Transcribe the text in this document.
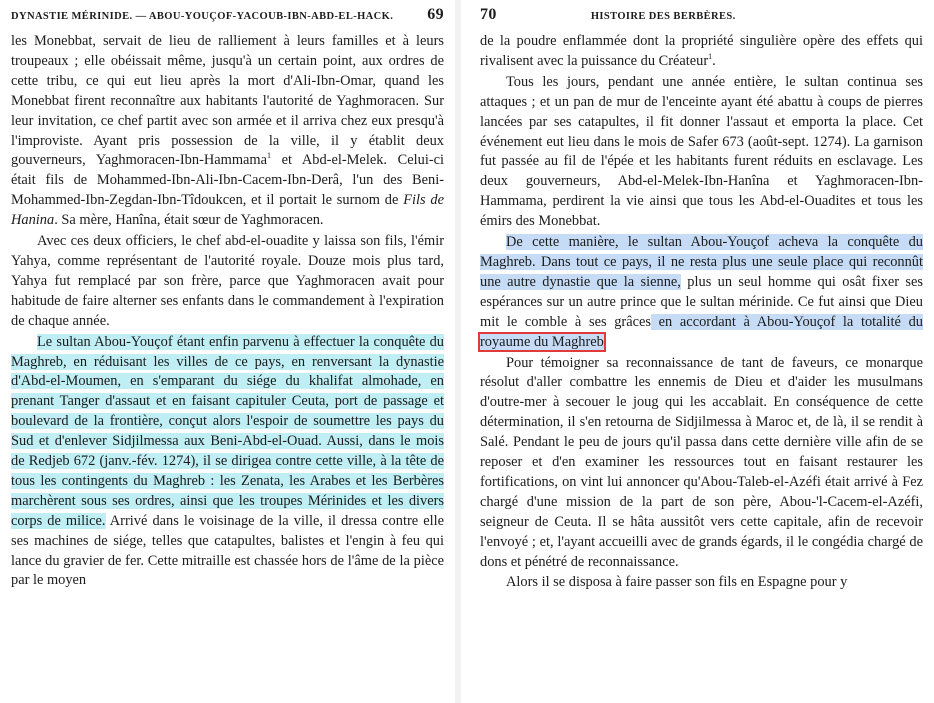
DYNASTIE MÉRINIDE. — ABOU-YOUÇOF-YACOUB-IBN-ABD-EL-HACK. 69

les Monebbat, servait de lieu de ralliement à leurs familles et à leurs troupeaux ; elle obéissait même, jusqu'à un certain point, aux ordres de cette tribu, ce qui eut lieu après la mort d'Ali-Ibn-Omar, quand les Monebbat firent reconnaître aux habitants l'autorité de Yaghmoracen. Sur leur invitation, ce chef partit avec son armée et il arriva chez eux presqu'à l'improviste. Ayant pris possession de la ville, il y établit deux gouverneurs, Yaghmoracen-Ibn-Hammama$^1$ et Abd-el-Melek. Celui-ci était fils de Mohammed-Ibn-Ali-Ibn-Cacem-Ibn-Derâ, l'un des Beni-Mohammed-Ibn-Zegdan-Ibn-Tîdoukcen, et il portait le surnom de Fils de Hanina. Sa mère, Hanîna, était sœur de Yaghmoracen.

Avec ces deux officiers, le chef abd-el-ouadite y laissa son fils, l'émir Yahya, comme représentant de l'autorité royale. Douze mois plus tard, Yahya fut remplacé par son frère, parce que Yaghmoracen avait pour habitude de faire alterner ses enfants dans le commandement à l'expiration de chaque année.

Le sultan Abou-Youçof étant enfin parvenu à effectuer la conquête du Maghreb, en réduisant les villes de ce pays, en renversant la dynastie d'Abd-el-Moumen, en s'emparant du siége du khalifat almohade, en prenant Tanger d'assaut et en faisant capituler Ceuta, port de passage et boulevard de la frontière, conçut alors l'espoir de soumettre les pays du Sud et d'enlever Sidjilmessa aux Beni-Abd-el-Ouad. Aussi, dans le mois de Redjeb 672 (janv.-fév. 1274), il se dirigea contre cette ville, à la tête de tous les contingents du Maghreb : les Zenata, les Arabes et les Berbères marchèrent sous ses ordres, ainsi que les troupes Mérinides et les divers corps de milice. Arrivé dans le voisinage de la ville, il dressa contre elle ses machines de siége, telles que catapultes, balistes et l'engin à feu qui lance du gravier de fer. Cette mitraille est chassée hors de l'âme de la pièce par le moyen

70	HISTOIRE DES BERBÈRES.

de la poudre enflammée dont la propriété singulière opère des effets qui rivalisent avec la puissance du Créateur$^1$.

Tous les jours, pendant une année entière, le sultan continua ses attaques ; et un pan de mur de l'enceinte ayant été abattu à coups de pierres lancées par ses catapultes, il fit donner l'assaut et emporta la place. Cet événement eut lieu dans le mois de Safer 673 (août-sept. 1274). La garnison fut passée au fil de l'épée et les habitants furent réduits en esclavage. Les deux gouverneurs, Abd-el-Melek-Ibn-Hanîna et Yaghmoracen-Ibn-Hammama, perdirent la vie ainsi que tous les Abd-el-Ouadites et tous les émirs des Monebbat.

De cette manière, le sultan Abou-Youçof acheva la conquête du Maghreb. Dans tout ce pays, il ne resta plus une seule place qui reconnût une autre dynastie que la sienne, plus un seul homme qui osât fixer ses espérances sur un autre prince que le sultan mérinide. Ce fut ainsi que Dieu mit le comble à ses grâces en accordant à Abou-Youçof la totalité du royaume du Maghreb

Pour témoigner sa reconnaissance de tant de faveurs, ce monarque résolut d'aller combattre les ennemis de Dieu et d'aider les musulmans d'outre-mer à secouer le joug qui les accablait. En conséquence de cette détermination, il s'en retourna de Sidjilmessa à Maroc et, de là, il se rendit à Salé. Pendant le peu de jours qu'il passa dans cette dernière ville afin de se reposer et d'en examiner les ressources tout en faisant restaurer les fortifications, on vint lui annoncer qu'Abou-Taleb-el-Azéfi était arrivé à Fez chargé d'une mission de la part de son père, Abou-'l-Cacem-el-Azéfi, seigneur de Ceuta. Il se hâta aussitôt vers cette capitale, afin de recevoir l'envoyé ; et, l'ayant accueilli avec de grands égards, il le congédia chargé de dons et pénétré de reconnaissance.

Alors il se disposa à faire passer son fils en Espagne pour y
